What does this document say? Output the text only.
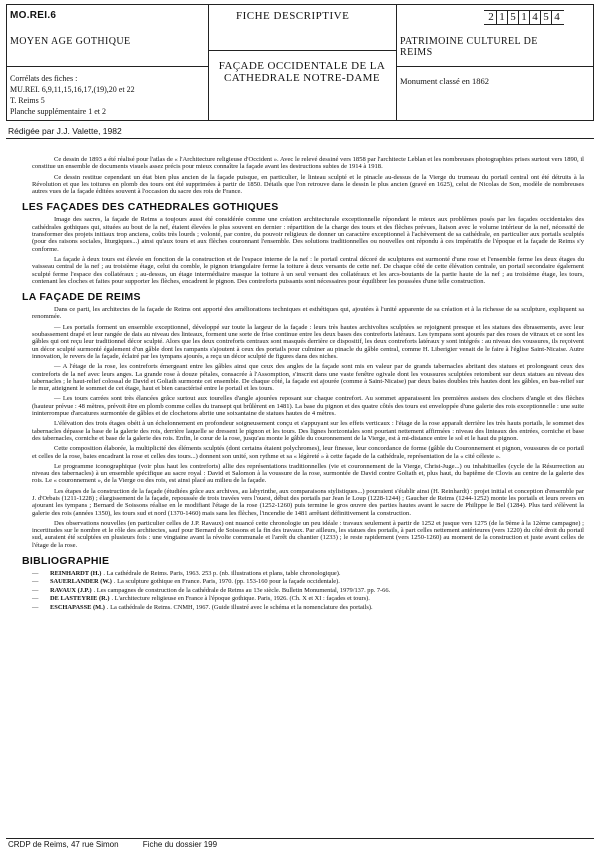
MO.REI.6
MOYEN AGE GOTHIQUE
Corrélats des fiches :
MU.REI. 6,9,11,15,16,17,(19),20 et 22
T. Reims 5
Planche supplémentaire 1 et 2
FICHE DESCRIPTIVE
FAÇADE OCCIDENTALE DE LA
CATHEDRALE NOTRE-DAME
2 1 5 1 4 5 4
PATRIMOINE CULTUREL DE
REIMS
Monument classé en 1862
Rédigée par J.J. Valette, 1982

Ce dessin de 1893 a été réalisé pour l'atlas de « l'Architecture religieuse d'Occident ». Avec le relevé dessiné vers 1858 par l'architecte Leblan et les nombreuses photographies prises surtout vers 1890, il constitue un ensemble de documents visuels assez précis pour mieux connaître la façade avant les destructions subies de 1914 à 1918.

Ce dessin restitue cependant un état bien plus ancien de la façade puisque, en particulier, le linteau sculpté et le pinacle au-dessus de la Vierge du trumeau du portail central ont été détruits à la Révolution et que les toitures en plomb des tours ont été supprimées à partir de 1850. Détails que l'on retrouve dans le dessin le plus ancien (gravé en 1625), celui de Nicolas de Son, modèle de nombreuses autres vues de la façade éditées souvent à l'occasion du sacre des rois de France.

LES FAÇADES DES CATHEDRALES GOTHIQUES

Image des sacres, la façade de Reims a toujours aussi été considérée comme une création architecturale exceptionnelle répondant le mieux aux problèmes posés par les façades occidentales des cathédrales gothiques qui, situées au bout de la nef, étaient élevées le plus souvent en dernier : répartition de la charge des tours et des flèches prévues, liaison avec le volume intérieur de la nef, nécessité de transformer des projets initiaux trop anciens, coûts très lourds ; volonté, par contre, du pouvoir religieux de donner un caractère exceptionnel à l'achèvement de sa cathédrale, en particulier aux portails sculptés (pour des raisons sociales, liturgiques...) ainsi qu'aux tours et aux flèches couronnant l'ensemble. Des solutions traditionnelles ou nouvelles ont répondu à ces impératifs de l'époque et la façade de Reims s'y conforme.

La façade à deux tours est élevée en fonction de la construction et de l'espace interne de la nef : le portail central décoré de sculptures est surmonté d'une rose et l'ensemble ferme les deux étages du vaisseau central de la nef ; au troisième étage, celui du comble, le pignon triangulaire ferme la toiture à deux versants de cette nef. De chaque côté de cette élévation centrale, un portail secondaire également sculpté ferme l'espace des collatéraux ; au-dessus, un étage intermédiaire masque la toiture à un seul versant des collatéraux et les arcs-boutants de la partie haute de la nef ; au troisième étage, les tours, contenant les cloches et faites pour supporter les flèches, encadrent le pignon. Des contreforts puissants sont nécessaires pour équilibrer les poussées d'une telle construction.

LA FAÇADE DE REIMS

Dans ce parti, les architectes de la façade de Reims ont apporté des améliorations techniques et esthétiques qui, ajoutées à l'unité apparente de sa création et à la richesse de sa sculpture, expliquent sa renommée.

— Les portails forment un ensemble exceptionnel, développé sur toute la largeur de la façade : leurs très hautes archivoltes sculptées se rejoignent presque et les statues des ébrasements, avec leur soubassement drapé et leur rangée de dais au niveau des linteaux, forment une sorte de frise continue entre les deux bases des contreforts latéraux. Les tympans sont ajourés par des roses de vitraux et ce sont les gâbles qui ont reçu leur traditionnel décor sculpté. Alors que les deux contreforts centraux sont masqués derrière ce dispositif, les deux contreforts latéraux y sont intégrés : au niveau des voussures, ils reçoivent un décor sculpté surmonté également d'un gâble dont les rampants s'ajoutent à ceux des portails pour culminer au pinacle du gâble central, comme H. Liberigier venait de le faire à l'église Saint-Nicaise. Autre innovation, le revers de la façade, éclairé par les tympans ajourés, a reçu un décor sculpté de figures dans des niches.

— A l'étage de la rose, les contreforts émergeant entre les gâbles ainsi que ceux des angles de la façade sont mis en valeur par de grands tabernacles abritant des statues et prolongeant ceux des contreforts de la nef avec leurs anges. La grande rose à douze pétales, consacrée à l'Assomption, s'inscrit dans une vaste fenêtre ogivale dont les voussures sculptées retombent sur deux statues au niveau des tabernacles ; le haut-relief colossal de David et Goliath surmonte cet ensemble. De chaque côté, la façade est ajourée (comme à Saint-Nicaise) par deux baies doubles très hautes dont les gâbles, en bas-relief sur le mur, atteignent le sommet de cet étage, haut et bien caractérisé entre le portail et les tours.

— Les tours carrées sont très élancées grâce surtout aux tourelles d'angle ajourées reposant sur chaque contrefort. Au sommet apparaissent les premières assises des clochers d'angle et des flèches (hauteur prévue : 48 mètres, prévoit être en plomb comme celles du transept qui brûlèrent en 1481). La base du pignon et des quatre côtés des tours est enveloppée d'une galerie des rois exceptionnelle : une suite ininterrompue d'arcatures surmontée de gâbles et de clochetons abrite une soixantaine de statues hautes de 4 mètres.

L'élévation des trois étages obéit à un échelonnement en profondeur soigneusement conçu et s'appuyant sur les effets verticaux : l'étage de la rose apparaît derrière les très hauts portails, le sommet des tabernacles dépasse la base de la galerie des rois, derrière laquelle se dressent le pignon et les tours. Des lignes horizontales sont pourtant nettement affirmées : niveau des linteaux des entrées, corniche et base des tabernacles, corniche et base de la galerie des rois. Enfin, le cœur de la rose, jusqu'au monte le gâble du couronnement de la Vierge, est à mi-distance entre le sol et le haut du pignon.

Cette composition élaborée, la multiplicité des éléments sculptés (dont certains étaient polychromes), leur finesse, leur concordance de forme (gâble du Couronnement et pignon, voussures de ce portail et celles de la rose, baies encadrant la rose et celles des tours...) donnent son unité, son rythme et sa « légèreté » à cette façade de la cathédrale, représentation de la « cité céleste ».

Le programme iconographique (voir plus haut les contreforts) allie des représentations traditionnelles (vie et couronnement de la Vierge, Christ-Juge...) ou inhabituelles (cycle de la Résurrection au niveau des tabernacles) à un ensemble spécifique au sacre royal : David et Salomon à la voussure de la rose, surmontée de David contre Goliath et, plus haut, du baptême de Clovis au centre de la galerie des rois. Le « couronnement », de la Vierge ou des rois, est ainsi placé au milieu de la façade.

Les étapes de la construction de la façade (étudiées grâce aux archives, au labyrinthe, aux comparaisons stylistiques...) pourraient s'établir ainsi (H. Reinhardt) : projet initial et conception d'ensemble par J. d'Orbais (1211-1228) ; élargissement de la façade, repoussée de trois travées vers l'ouest, début des portails par Jean le Loup (1228-1244) ; Gaucher de Reims (1244-1252) monte les portails et leurs revers en ajourant les tympans ; Bernard de Soissons réalise en le modifiant l'étage de la rose (1252-1260) puis termine le gros œuvre des parties hautes avant le sacre de Philippe le Bel (1284). Plus tard s'élèvent la galerie des rois (années 1350), les tours sud et nord (1370-1460) mais sans les flèches, l'incendie de 1481 arrêtant définitivement la construction.

Des observations nouvelles (en particulier celles de J.P. Ravaux) ont nuancé cette chronologie un peu idéale : travaux seulement à partir de 1252 et jusque vers 1275 (de la 9ème à la 12ème campagne) ; incertitudes sur le nombre et le rôle des architectes, sauf pour Bernard de Soissons et la fin des travaux. Par ailleurs, les statues des portails, à part celles nettement antérieures (vers 1220) du côté droit du portail sud, auraient été sculptées en plusieurs fois : une vingtaine avant la révolte communale et l'arrêt du chantier (1233) ; le reste rapidement (vers 1250-1260) au moment de la construction et juste avant celles de l'étage de la rose.

BIBLIOGRAPHIE
—	REINHARDT (H.) . La cathédrale de Reims. Paris, 1963. 253 p. (nb. illustrations et plans, table chronologique).
—	SAUERLANDER (W.) . La sculpture gothique en France. Paris, 1970. (pp. 153-160 pour la façade occidentale).
—	RAVAUX (J.P.) . Les campagnes de construction de la cathédrale de Reims au 13e siècle. Bulletin Monumental, 1979/137. pp. 7-66.
—	DE LASTEYRIE (R.) . L'architecture religieuse en France à l'époque gothique. Paris, 1926. (Ch. X et XI : façades et tours).
—	ESCHAPASSE (M.) . La cathédrale de Reims. CNMH, 1967. (Guide illustré avec le schéma et la nomenclature des portails).
CRDP de Reims, 47 rue Simon	Fiche du dossier 199
